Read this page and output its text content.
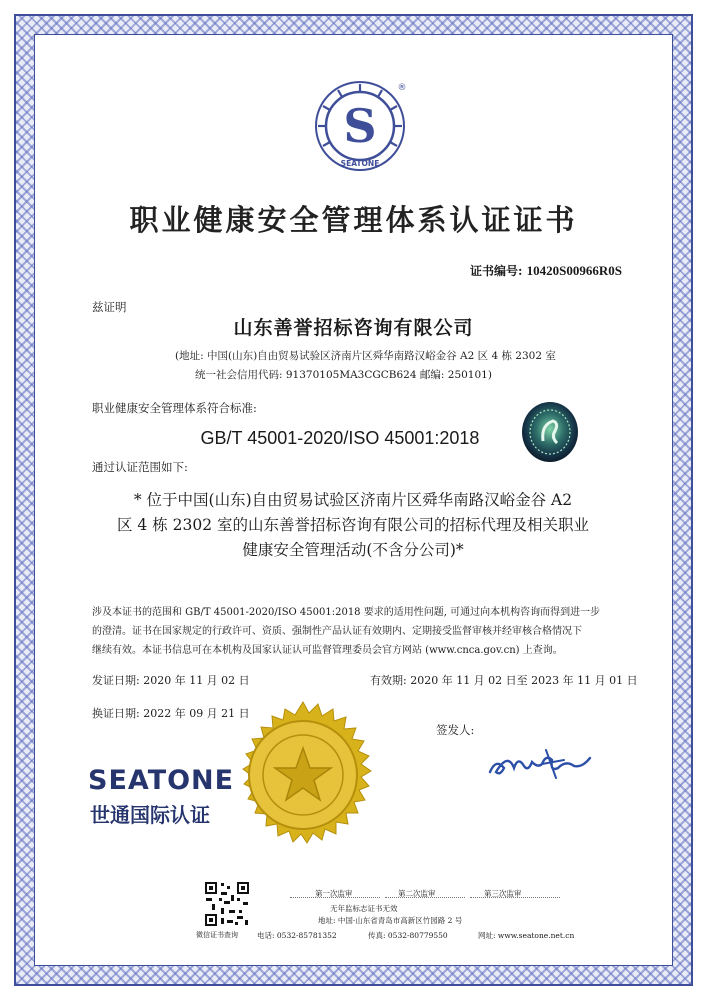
S
SEATONE
®
职业健康安全管理体系认证证书
证书编号: 10420S00966R0S
兹证明
山东善誉招标咨询有限公司
(地址: 中国(山东)自由贸易试验区济南片区舜华南路汉峪金谷 A2 区 4 栋 2302 室
统一社会信用代码: 91370105MA3CGCB624 邮编: 250101)
职业健康安全管理体系符合标准:
GB/T 45001-2020/ISO 45001:2018
通过认证范围如下:
* 位于中国(山东)自由贸易试验区济南片区舜华南路汉峪金谷 A2
区 4 栋 2302 室的山东善誉招标咨询有限公司的招标代理及相关职业
健康安全管理活动(不含分公司)*
涉及本证书的范围和 GB/T 45001-2020/ISO 45001:2018 要求的适用性问题, 可通过向本机构咨询而得到进一步
的澄清。证书在国家规定的行政许可、资质、强制性产品认证有效期内、定期接受监督审核并经审核合格情况下
继续有效。本证书信息可在本机构及国家认证认可监督管理委员会官方网站 (www.cnca.gov.cn) 上查询。
发证日期: 2020 年 11 月 02 日	有效期: 2020 年 11 月 02 日至 2023 年 11 月 01 日
换证日期: 2022 年 09 月 21 日
签发人:
SEATONE
世通国际认证
微信证书查询
第一次监审	第二次监审	第三次监审
无年监标志证书无效
地址: 中国·山东省青岛市高新区竹园路 2 号
电话: 0532-85781352	传真: 0532-80779550	网址: www.seatone.net.cn
